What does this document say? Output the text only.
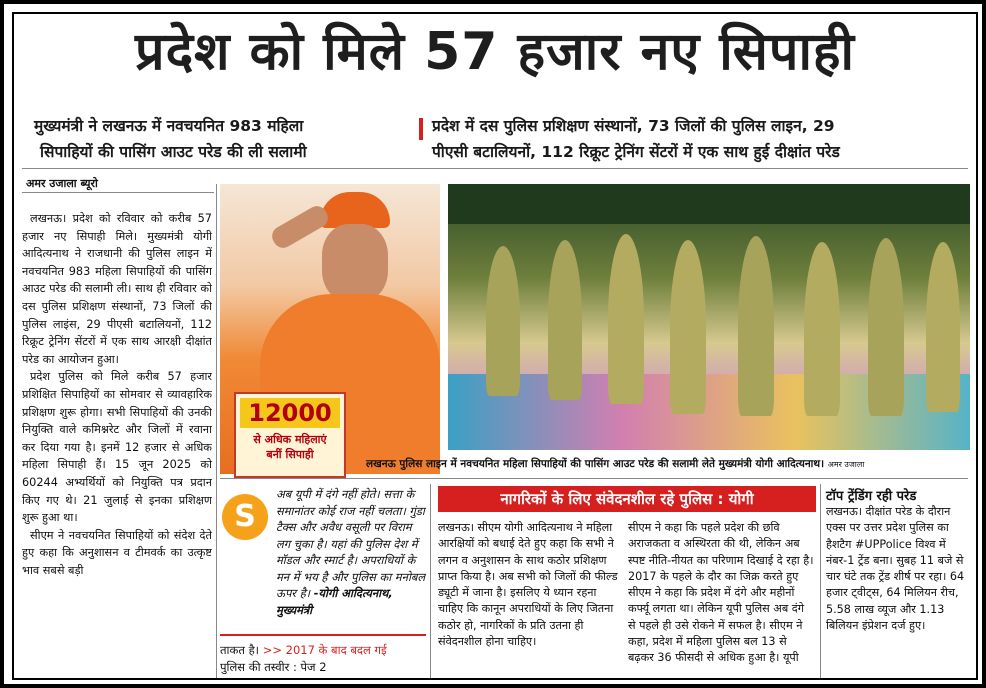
प्रदेश को मिले 57 हजार नए सिपाही
मुख्यमंत्री ने लखनऊ में नवचयनित 983 महिला
सिपाहियों की पासिंग आउट परेड की ली सलामी
प्रदेश में दस पुलिस प्रशिक्षण संस्थानों, 73 जिलों की पुलिस लाइन, 29
पीएसी बटालियनों, 112 रिक्रूट ट्रेनिंग सेंटरों में एक साथ हुई दीक्षांत परेड
अमर उजाला ब्यूरो

लखनऊ। प्रदेश को रविवार को करीब 57 हजार नए सिपाही मिले। मुख्यमंत्री योगी आदित्यनाथ ने राजधानी की पुलिस लाइन में नवचयनित 983 महिला सिपाहियों की पासिंग आउट परेड की सलामी ली। साथ ही रविवार को दस पुलिस प्रशिक्षण संस्थानों, 73 जिलों की पुलिस लाइंस, 29 पीएसी बटालियनों, 112 रिक्रूट ट्रेनिंग सेंटरों में एक साथ आरक्षी दीक्षांत परेड का आयोजन हुआ।

प्रदेश पुलिस को मिले करीब 57 हजार प्रशिक्षित सिपाहियों का सोमवार से व्यावहारिक प्रशिक्षण शुरू होगा। सभी सिपाहियों की उनकी नियुक्ति वाले कमिश्नरेट और जिलों में रवाना कर दिया गया है। इनमें 12 हजार से अधिक महिला सिपाही हैं। 15 जून 2025 को 60244 अभ्यर्थियों को नियुक्ति पत्र प्रदान किए गए थे। 21 जुलाई से इनका प्रशिक्षण शुरू हुआ था।

सीएम ने नवचयनित सिपाहियों को संदेश देते हुए कहा कि अनुशासन व टीमवर्क का उत्कृष्ट भाव सबसे बड़ी

12000
से अधिक महिलाएं
बनीं सिपाही
लखनऊ पुलिस लाइन में नवचयनित महिला सिपाहियों की पासिंग आउट परेड की सलामी लेते मुख्यमंत्री योगी आदित्यनाथ। अमर उजाला
S
अब यूपी में दंगे नहीं होते। सत्ता के समानांतर कोई राज नहीं चलता। गुंडा टैक्स और अवैध वसूली पर विराम लग चुका है। यहां की पुलिस देश में मॉडल और स्मार्ट है। अपराधियों के मन में भय है और पुलिस का मनोबल ऊपर है। -योगी आदित्यनाथ, मुख्यमंत्री
ताकत है। >> 2017 के बाद बदल गई
पुलिस की तस्वीर : पेज 2
नागरिकों के लिए संवेदनशील रहे पुलिस : योगी
लखनऊ। सीएम योगी आदित्यनाथ ने महिला आरक्षियों को बधाई देते हुए कहा कि सभी ने लगन व अनुशासन के साथ कठोर प्रशिक्षण प्राप्त किया है। अब सभी को जिलों की फील्ड ड्यूटी में जाना है। इसलिए ये ध्यान रहना चाहिए कि कानून अपराधियों के लिए जितना कठोर हो, नागरिकों के प्रति उतना ही संवेदनशील होना चाहिए।
सीएम ने कहा कि पहले प्रदेश की छवि अराजकता व अस्थिरता की थी, लेकिन अब स्पष्ट नीति-नीयत का परिणाम दिखाई दे रहा है। 2017 के पहले के दौर का जिक्र करते हुए सीएम ने कहा कि प्रदेश में दंगे और महीनों कर्फ्यू लगता था। लेकिन यूपी पुलिस अब दंगे से पहले ही उसे रोकने में सफल है। सीएम ने कहा, प्रदेश में महिला पुलिस बल 13 से बढ़कर 36 फीसदी से अधिक हुआ है। यूपी
टॉप ट्रेंडिंग रही परेड
लखनऊ। दीक्षांत परेड के दौरान एक्स पर उत्तर प्रदेश पुलिस का हैशटैग #UPPolice विश्व में नंबर-1 ट्रेंड बना। सुबह 11 बजे से चार घंटे तक ट्रेंड शीर्ष पर रहा। 64 हजार ट्वीट्स, 64 मिलियन रीच, 5.58 लाख व्यूज और 1.13 बिलियन इंप्रेशन दर्ज हुए।
